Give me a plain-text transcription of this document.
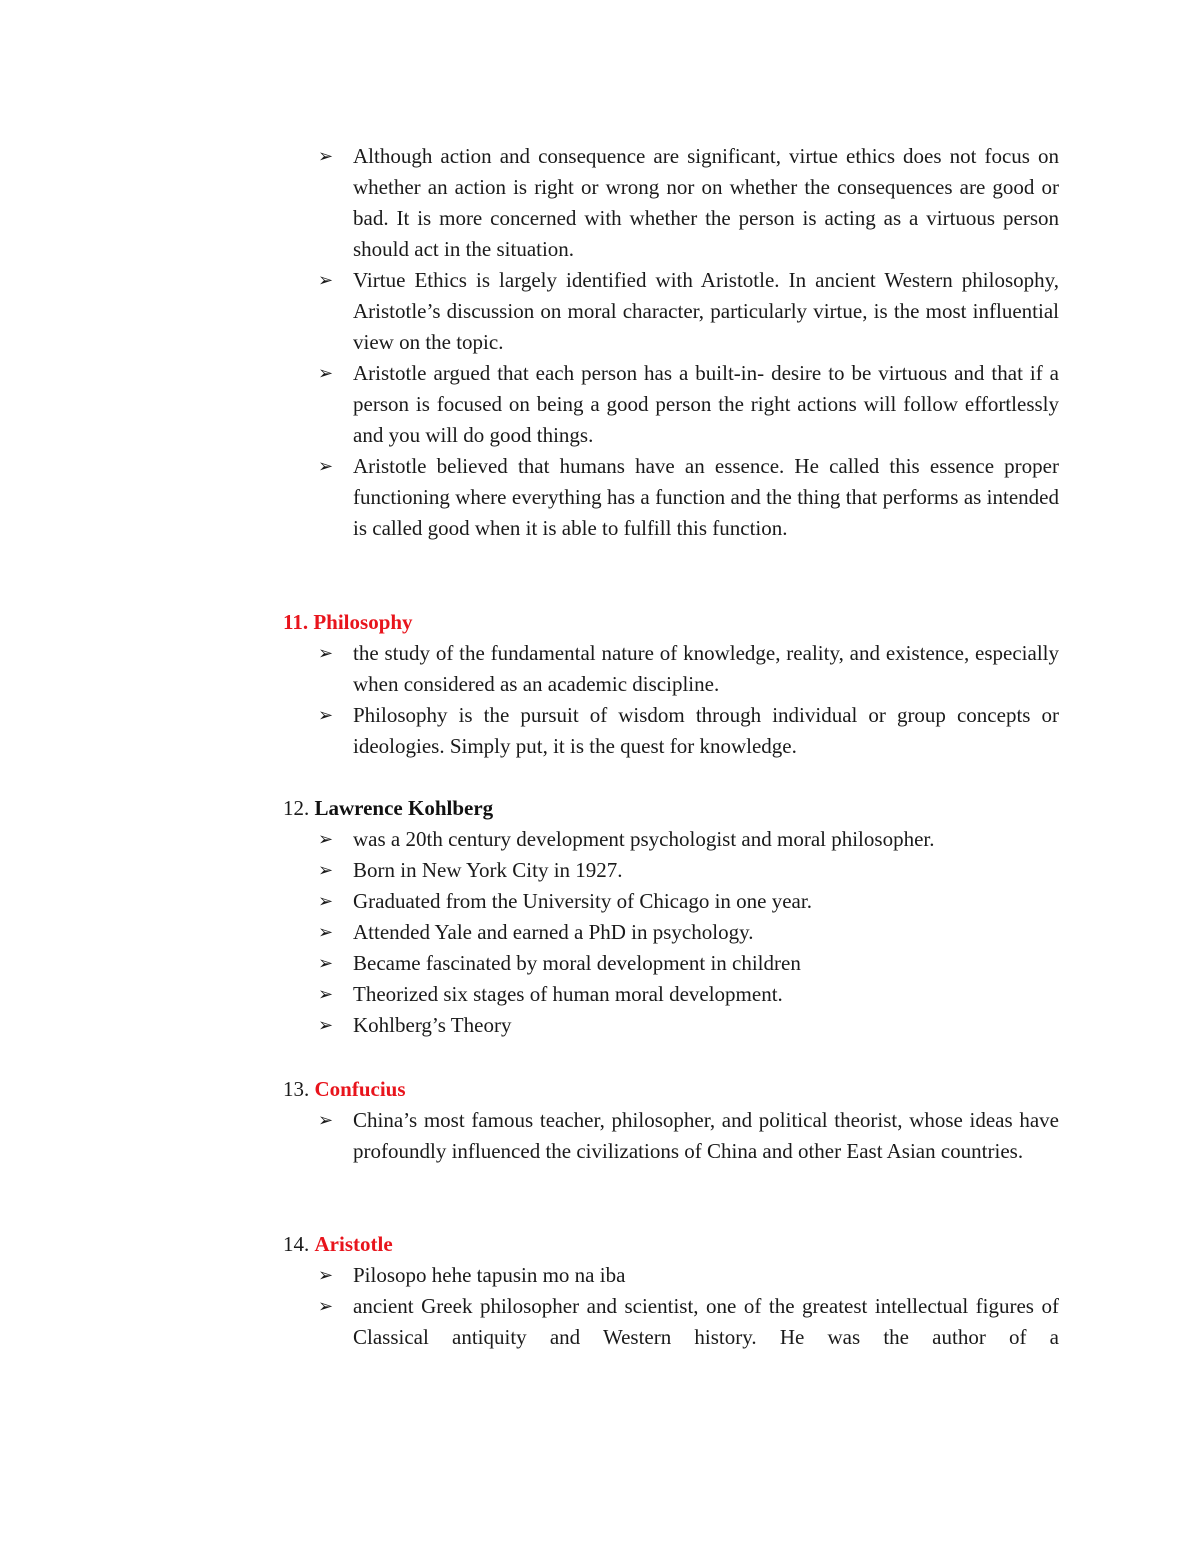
➢ Although action and consequence are significant, virtue ethics does not focus on whether an action is right or wrong nor on whether the consequences are good or bad. It is more concerned with whether the person is acting as a virtuous person should act in the situation.
➢ Virtue Ethics is largely identified with Aristotle. In ancient Western philosophy, Aristotle’s discussion on moral character, particularly virtue, is the most influential view on the topic.
➢ Aristotle argued that each person has a built-in- desire to be virtuous and that if a person is focused on being a good person the right actions will follow effortlessly and you will do good things.
➢ Aristotle believed that humans have an essence. He called this essence proper functioning where everything has a function and the thing that performs as intended is called good when it is able to fulfill this function.
11. Philosophy
➢ the study of the fundamental nature of knowledge, reality, and existence, especially when considered as an academic discipline.
➢ Philosophy is the pursuit of wisdom through individual or group concepts or ideologies. Simply put, it is the quest for knowledge.
12. Lawrence Kohlberg
➢ was a 20th century development psychologist and moral philosopher.
➢ Born in New York City in 1927.
➢ Graduated from the University of Chicago in one year.
➢ Attended Yale and earned a PhD in psychology.
➢ Became fascinated by moral development in children
➢ Theorized six stages of human moral development.
➢ Kohlberg’s Theory
13. Confucius
➢ China’s most famous teacher, philosopher, and political theorist, whose ideas have profoundly influenced the civilizations of China and other East Asian countries.
14. Aristotle
➢ Pilosopo hehe tapusin mo na iba
➢ ancient Greek philosopher and scientist, one of the greatest intellectual figures of Classical antiquity and Western history. He was the author of a
